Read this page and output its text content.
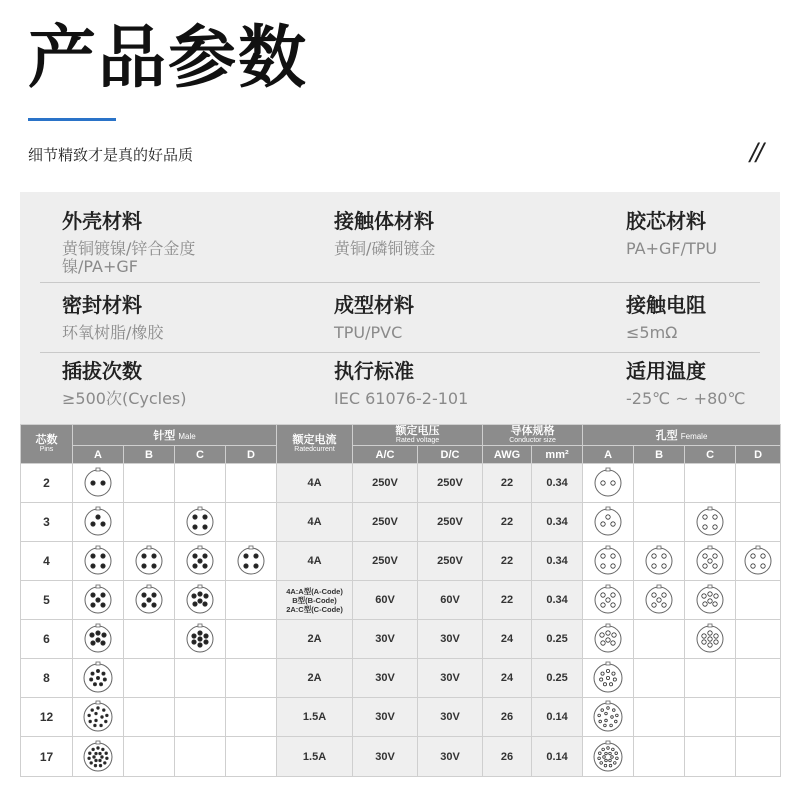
产品参数
细节精致才是真的好品质	//
外壳材料
黄铜镀镍/锌合金度镍/PA+GF
接触体材料
黄铜/磷铜镀金
胶芯材料
PA+GF/TPU
密封材料
环氧树脂/橡胶
成型材料
TPU/PVC
接触电阻
≤5mΩ
插拔次数
≥500次(Cycles)
执行标准
IEC 61076-2-101
适用温度
-25℃ ~ +80℃
芯数
Pins	针型 Male				额定电流
Ratedcurrent	额定电压
Rated voltage		导体规格
Conductor size		孔型 Female			
	A	B	C	D		A/C	D/C	AWG	mm²	A	B	C	D
2					4A	250V	250V	22	0.34	

3					4A	250V	250V	22	0.34	

4					4A	250V	250V	22	0.34	

5					4A:A型(A-Code)
B型(B-Code)
2A:C型(C-Code)	60V	60V	22	0.34	

6					2A	30V	30V	24	0.25	

8					2A	30V	30V	24	0.25	

12					1.5A	30V	30V	26	0.14	

17					1.5A	30V	30V	26	0.14	
